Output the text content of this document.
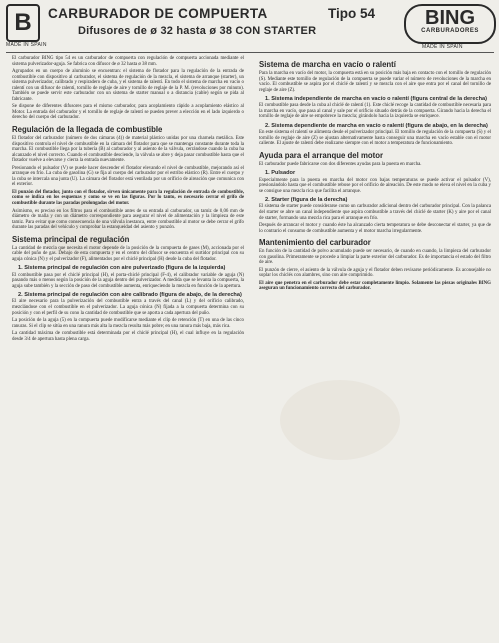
B
MADE IN SPAIN
CARBURADOR DE COMPUERTA	Tipo 54
Difusores de ø 32 hasta ø 38 CON STARTER
BING
CARBURADORES
MADE IN SPAIN

El carburador BING tipo 54 es un carburador de compuerta con regulación de compuerta accionada mediante el sistema pulverizador-aguja. Se fabrica con difusor de ø 32 hasta ø 38 mm.

Agrupados en un cuerpo de aluminio se encuentran: el sistema de flotador para la regulación de la entrada de combustible con dispositivo al carburador, el sistema de regulación de la mezcla, el sistema de arranque (starter), un sistema pulverizador, calibrado y respiradero de cuba, y el sistema de ralentí. En todo el sistema de marcha en vacío o ralentí con un difusor de ralentí, tornillo de reglaje de aire y tornillo de reglaje de la P. M. (revoluciones por minuto). También se puede servir este carburador con un sistema de starter manual o a distancia (cable) según se pida al fabricante.

Se dispone de diferentes difusores para el mismo carburador, para acoplamiento rápido a acoplamiento elástico al Motor. La entrada del carburador y el tornillo de reglaje de ralentí se pueden prever a elección en el lado izquierdo o derecho del cuerpo del carburador.

Regulación de la llegada de combustible

El flotador del carburador (número de dos cámaras (4)) de material plástico unidas por una charnela metálica. Este dispositivo controla el nivel de combustible en la cámara del flotador para que se mantenga constante durante toda la marcha. El combustible llega por la tubería (B) al carburador y al asiento de la válvula, cerrándose cuando la cuba ha alcanzado el nivel correcto. Cuando el combustible desciende, la válvula se abre y deja pasar combustible hasta que el flotador vuelve a elevarse y cierra la entrada nuevamente.

Presionando el pulsador (V) se puede hacer descender el flotador elevando el nivel de combustible, mejorando así el arranque en frío. La cuba de gasolina (G) se fija al cuerpo del carburador por el estribo elástico (R). Entre el cuerpo y la cuba se intercala una junta (U). La cámara del flotador está ventilada por un orificio de aireación que comunica con el exterior.

El punzón del flotador, junto con el flotador, sirven únicamente para la regulación de entrada de combustible, como se indica en los esquemas y como se ve en las figuras. Por lo tanto, es necesario cerrar el grifo de combustible durante las paradas prolongadas del motor.

Asimismo, es preciso en los filtros para el combustible antes de su entrada al carburador, un tamiz de 0,06 mm de diámetro de malla y con un diámetro correspondiente para asegurar el nivel de alimentación y la limpieza de este tamiz. Para evitar que como consecuencia de una válvula inestanca, entre combustible al motor se debe cerrar el grifo durante las paradas del vehículo y comprobar la estanqueidad del asiento y punzón.

Sistema principal de regulación

La cantidad de mezcla que necesita el motor depende de la posición de la compuerta de gases (M), accionada por el cable del puño de gas. Debajo de esta compuerta y en el centro del difusor se encuentra el surtidor principal con su aguja cónica (N) y el pulverizador (F), alimentados por el chiclé principal (H) desde la cuba del flotador.

1. Sistema principal de regulación con aire pulverizado (figura de la izquierda)

El combustible pasa por el chiclé principal (H), el porta-chiclé principal (F-4), el calibrador variable de aguja (N) pasando más o menos según la posición de la aguja dentro del pulverizador. A medida que se levanta la compuerta, la aguja sube también y la sección de paso del combustible aumenta, enriqueciendo la mezcla en función de la apertura.

2. Sistema principal de regulación con aire calibrado (figura de abajo, de la derecha)

El aire necesario para la pulverización del combustible entra a través del canal (L) y del orificio calibrado, mezclándose con el combustible en el pulverizador. La aguja cónica (N) fijada a la compuerta determina con su posición y con el perfil de su cono la cantidad de combustible que se aporta a cada apertura del puño.

La posición de la aguja (5) en la compuerta puede modificarse mediante el clip de retención (T) en una de las cinco ranuras. Si el clip se sitúa en una ranura más alta la mezcla resulta más pobre; en una ranura más baja, más rica.

La cantidad máxima de combustible está determinada por el chiclé principal (H), el cual influye en la regulación desde 3/4 de apertura hasta plena carga.

Sistema de marcha en vacío o ralentí

Para la marcha en vacío del motor, la compuerta está en su posición más baja en contacto con el tornillo de regulación (S). Mediante este tornillo de regulación de la compuerta se puede variar el número de revoluciones de la marcha en vacío. El combustible se aspira por el chiclé de ralentí y se mezcla con el aire que entra por el canal del tornillo de reglaje de aire (Z).

1. Sistema independiente de marcha en vacío o ralentí (figura central de la derecha)

El combustible pasa desde la cuba al chiclé de ralentí (1). Este chiclé recoge la cantidad de combustible necesaria para la marcha en vacío, que pasa al canal y sale por el orificio situado detrás de la compuerta. Girando hacia la derecha el tornillo de reglaje de aire se empobrece la mezcla; girándolo hacia la izquierda se enriquece.

2. Sistema dependiente de marcha en vacío o ralentí (figura de abajo, en la derecha)

En este sistema el ralentí se alimenta desde el pulverizador principal. El tornillo de regulación de la compuerta (S) y el tornillo de reglaje de aire (Z) se ajustan alternativamente hasta conseguir una marcha en vacío estable con el motor caliente. El ajuste de ralentí debe realizarse siempre con el motor a temperatura de funcionamiento.

Ayuda para el arranque del motor

El carburador puede fabricarse con dos diferentes ayudas para la puesta en marcha.

1. Pulsador

Especialmente para la puesta en marcha del motor con bajas temperaturas se puede activar el pulsador (V), presionándolo hasta que el combustible rebose por el orificio de aireación. De este modo se eleva el nivel en la cuba y se consigue una mezcla rica que facilita el arranque.

2. Starter (figura de la derecha)

El sistema de starter puede considerarse como un carburador adicional dentro del carburador principal. Con la palanca del starter se abre un canal independiente que aspira combustible a través del chiclé de starter (K) y aire por el canal de starter, formando una mezcla rica para el arranque en frío.

Después de arrancar el motor y cuando éste ha alcanzado cierta temperatura se debe desconectar el starter, ya que de lo contrario el consumo de combustible aumenta y el motor marcha irregularmente.

Mantenimiento del carburador

En función de la cantidad de polvo acumulado puede ser necesario, de cuando en cuando, la limpieza del carburador con gasolina. Primeramente se procede a limpiar la parte exterior del carburador. Es de importancia el estado del filtro de aire.

El punzón de cierre, el asiento de la válvula de aguja y el flotador deben revisarse periódicamente. Es aconsejable no soplar los chiclés con alambres, sino con aire comprimido.

El aire que penetra en el carburador debe estar completamente limpio. Solamente las piezas originales BING aseguran un funcionamiento correcto del carburador.
